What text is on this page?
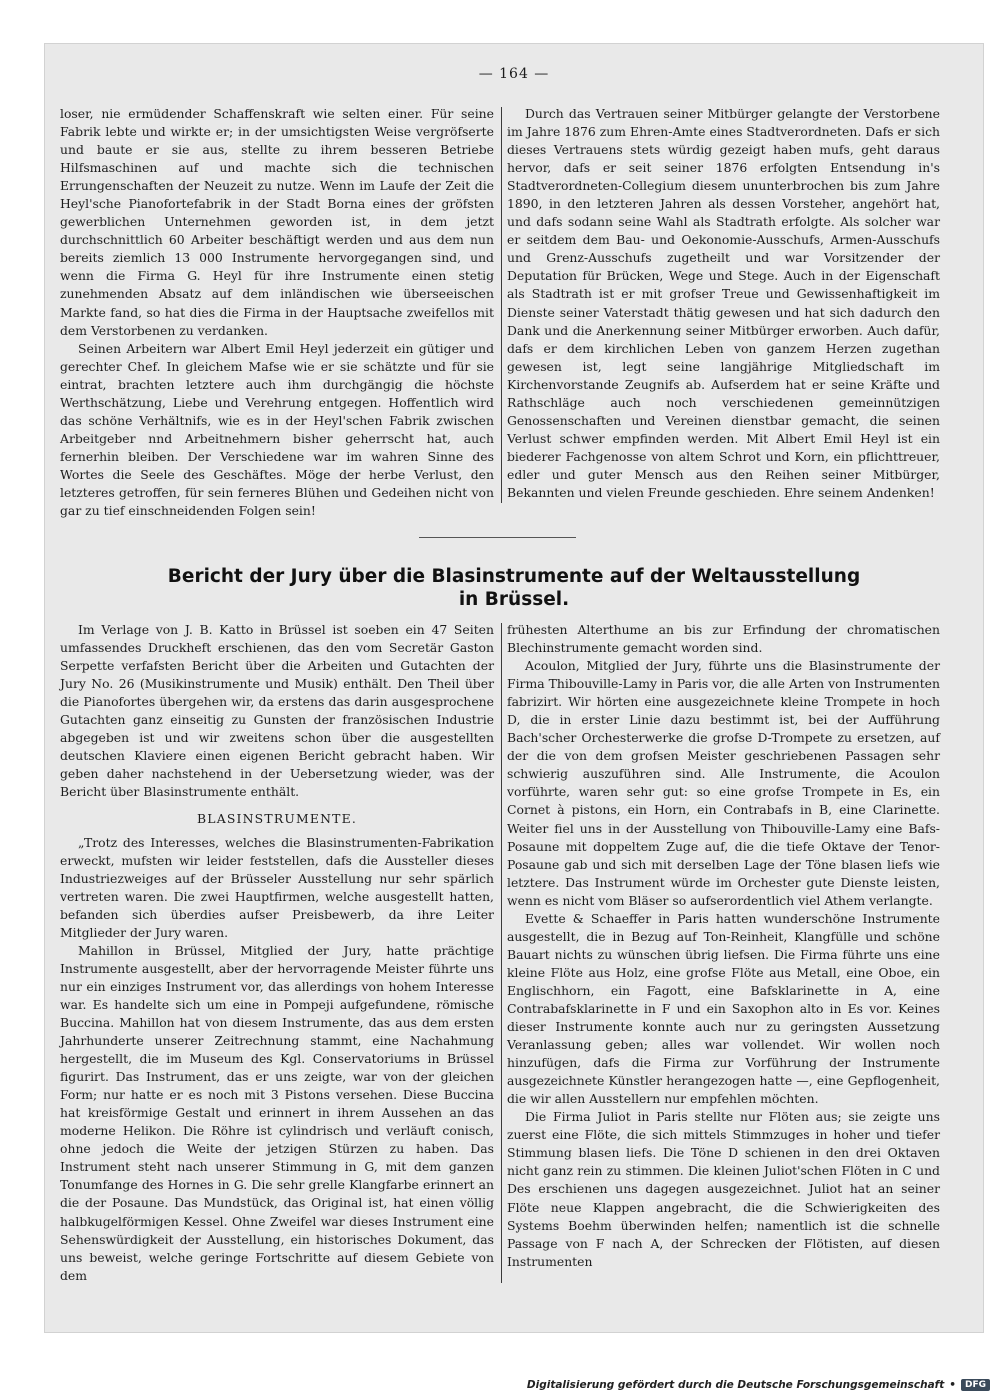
— 164 —

loser, nie ermüdender Schaffenskraft wie selten einer. Für seine Fabrik lebte und wirkte er; in der umsichtigsten Weise vergröfserte und baute er sie aus, stellte zu ihrem besseren Betriebe Hilfsmaschinen auf und machte sich die technischen Errungenschaften der Neuzeit zu nutze. Wenn im Laufe der Zeit die Heyl'sche Pianofortefabrik in der Stadt Borna eines der gröfsten gewerblichen Unternehmen geworden ist, in dem jetzt durchschnittlich 60 Arbeiter beschäftigt werden und aus dem nun bereits ziemlich 13 000 Instrumente hervorgegangen sind, und wenn die Firma G. Heyl für ihre Instrumente einen stetig zunehmenden Absatz auf dem inländischen wie überseeischen Markte fand, so hat dies die Firma in der Hauptsache zweifellos mit dem Verstorbenen zu verdanken.

Seinen Arbeitern war Albert Emil Heyl jederzeit ein gütiger und gerechter Chef. In gleichem Mafse wie er sie schätzte und für sie eintrat, brachten letztere auch ihm durchgängig die höchste Werthschätzung, Liebe und Verehrung entgegen. Hoffentlich wird das schöne Verhältnifs, wie es in der Heyl'schen Fabrik zwischen Arbeitgeber nnd Arbeitnehmern bisher geherrscht hat, auch fernerhin bleiben. Der Verschiedene war im wahren Sinne des Wortes die Seele des Geschäftes. Möge der herbe Verlust, den letzteres getroffen, für sein ferneres Blühen und Gedeihen nicht von gar zu tief einschneidenden Folgen sein!

Durch das Vertrauen seiner Mitbürger gelangte der Verstorbene im Jahre 1876 zum Ehren-Amte eines Stadtverordneten. Dafs er sich dieses Vertrauens stets würdig gezeigt haben mufs, geht daraus hervor, dafs er seit seiner 1876 erfolgten Entsendung in's Stadtverordneten-Collegium diesem ununterbrochen bis zum Jahre 1890, in den letzteren Jahren als dessen Vorsteher, angehört hat, und dafs sodann seine Wahl als Stadtrath erfolgte. Als solcher war er seitdem dem Bau- und Oekonomie-Ausschufs, Armen-Ausschufs und Grenz-Ausschufs zugetheilt und war Vorsitzender der Deputation für Brücken, Wege und Stege. Auch in der Eigenschaft als Stadtrath ist er mit grofser Treue und Gewissenhaftigkeit im Dienste seiner Vaterstadt thätig gewesen und hat sich dadurch den Dank und die Anerkennung seiner Mitbürger erworben. Auch dafür, dafs er dem kirchlichen Leben von ganzem Herzen zugethan gewesen ist, legt seine langjährige Mitgliedschaft im Kirchenvorstande Zeugnifs ab. Aufserdem hat er seine Kräfte und Rathschläge auch noch verschiedenen gemeinnützigen Genossenschaften und Vereinen dienstbar gemacht, die seinen Verlust schwer empfinden werden. Mit Albert Emil Heyl ist ein biederer Fachgenosse von altem Schrot und Korn, ein pflichttreuer, edler und guter Mensch aus den Reihen seiner Mitbürger, Bekannten und vielen Freunde geschieden. Ehre seinem Andenken!

Bericht der Jury über die Blasinstrumente auf der Weltausstellung
in Brüssel.

Im Verlage von J. B. Katto in Brüssel ist soeben ein 47 Seiten umfassendes Druckheft erschienen, das den vom Secretär Gaston Serpette verfafsten Bericht über die Arbeiten und Gutachten der Jury No. 26 (Musikinstrumente und Musik) enthält. Den Theil über die Pianofortes übergehen wir, da erstens das darin ausgesprochene Gutachten ganz einseitig zu Gunsten der französischen Industrie abgegeben ist und wir zweitens schon über die ausgestellten deutschen Klaviere einen eigenen Bericht gebracht haben. Wir geben daher nachstehend in der Uebersetzung wieder, was der Bericht über Blasinstrumente enthält.

BLASINSTRUMENTE.

„Trotz des Interesses, welches die Blasinstrumenten-Fabrikation erweckt, mufsten wir leider feststellen, dafs die Aussteller dieses Industriezweiges auf der Brüsseler Ausstellung nur sehr spärlich vertreten waren. Die zwei Hauptfirmen, welche ausgestellt hatten, befanden sich überdies aufser Preisbewerb, da ihre Leiter Mitglieder der Jury waren.

Mahillon in Brüssel, Mitglied der Jury, hatte prächtige Instrumente ausgestellt, aber der hervorragende Meister führte uns nur ein einziges Instrument vor, das allerdings von hohem Interesse war. Es handelte sich um eine in Pompeji aufgefundene, römische Buccina. Mahillon hat von diesem Instrumente, das aus dem ersten Jahrhunderte unserer Zeitrechnung stammt, eine Nachahmung hergestellt, die im Museum des Kgl. Conservatoriums in Brüssel figurirt. Das Instrument, das er uns zeigte, war von der gleichen Form; nur hatte er es noch mit 3 Pistons versehen. Diese Buccina hat kreisförmige Gestalt und erinnert in ihrem Aussehen an das moderne Helikon. Die Röhre ist cylindrisch und verläuft conisch, ohne jedoch die Weite der jetzigen Stürzen zu haben. Das Instrument steht nach unserer Stimmung in G, mit dem ganzen Tonumfange des Hornes in G. Die sehr grelle Klangfarbe erinnert an die der Posaune. Das Mundstück, das Original ist, hat einen völlig halbkugelförmigen Kessel. Ohne Zweifel war dieses Instrument eine Sehenswürdigkeit der Ausstellung, ein historisches Dokument, das uns beweist, welche geringe Fortschritte auf diesem Gebiete von dem

frühesten Alterthume an bis zur Erfindung der chromatischen Blechinstrumente gemacht worden sind.

Acoulon, Mitglied der Jury, führte uns die Blasinstrumente der Firma Thibouville-Lamy in Paris vor, die alle Arten von Instrumenten fabrizirt. Wir hörten eine ausgezeichnete kleine Trompete in hoch D, die in erster Linie dazu bestimmt ist, bei der Aufführung Bach'scher Orchesterwerke die grofse D-Trompete zu ersetzen, auf der die von dem grofsen Meister geschriebenen Passagen sehr schwierig auszuführen sind. Alle Instrumente, die Acoulon vorführte, waren sehr gut: so eine grofse Trompete in Es, ein Cornet à pistons, ein Horn, ein Contrabafs in B, eine Clarinette. Weiter fiel uns in der Ausstellung von Thibouville-Lamy eine Bafs-Posaune mit doppeltem Zuge auf, die die tiefe Oktave der Tenor-Posaune gab und sich mit derselben Lage der Töne blasen liefs wie letztere. Das Instrument würde im Orchester gute Dienste leisten, wenn es nicht vom Bläser so aufserordentlich viel Athem verlangte.

Evette & Schaeffer in Paris hatten wunderschöne Instrumente ausgestellt, die in Bezug auf Ton-Reinheit, Klangfülle und schöne Bauart nichts zu wünschen übrig liefsen. Die Firma führte uns eine kleine Flöte aus Holz, eine grofse Flöte aus Metall, eine Oboe, ein Englischhorn, ein Fagott, eine Bafsklarinette in A, eine Contrabafsklarinette in F und ein Saxophon alto in Es vor. Keines dieser Instrumente konnte auch nur zu geringsten Aussetzung Veranlassung geben; alles war vollendet. Wir wollen noch hinzufügen, dafs die Firma zur Vorführung der Instrumente ausgezeichnete Künstler herangezogen hatte —, eine Gepflogenheit, die wir allen Ausstellern nur empfehlen möchten.

Die Firma Juliot in Paris stellte nur Flöten aus; sie zeigte uns zuerst eine Flöte, die sich mittels Stimmzuges in hoher und tiefer Stimmung blasen liefs. Die Töne D schienen in den drei Oktaven nicht ganz rein zu stimmen. Die kleinen Juliot'schen Flöten in C und Des erschienen uns dagegen ausgezeichnet. Juliot hat an seiner Flöte neue Klappen angebracht, die die Schwierigkeiten des Systems Boehm überwinden helfen; namentlich ist die schnelle Passage von F nach A, der Schrecken der Flötisten, auf diesen Instrumenten

Digitalisierung gefördert durch die Deutsche Forschungsgemeinschaft •	DFG
